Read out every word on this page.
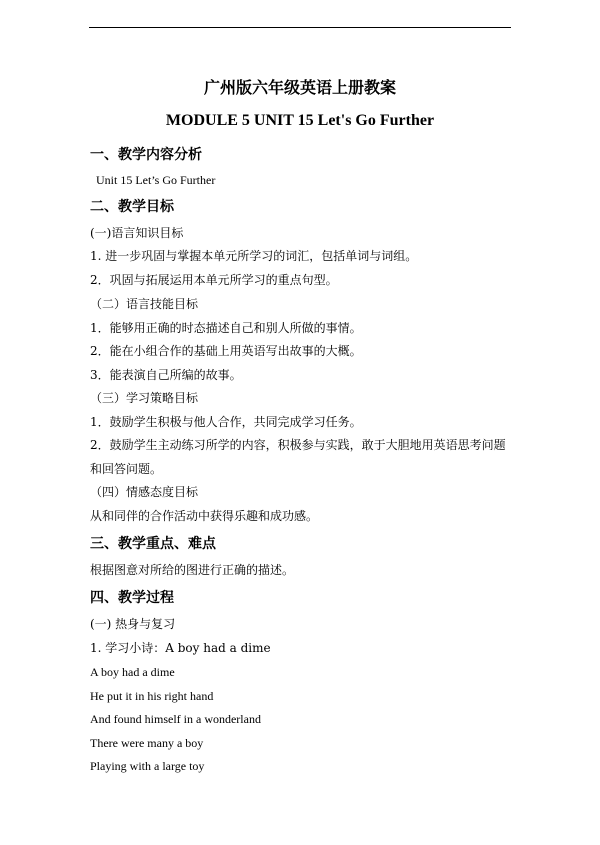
广州版六年级英语上册教案
MODULE 5 UNIT 15 Let's Go Further
一、教学内容分析
Unit 15 Let’s Go Further
二、教学目标
(一)语言知识目标
1. 进一步巩固与掌握本单元所学习的词汇，包括单词与词组。
2．巩固与拓展运用本单元所学习的重点句型。
（二）语言技能目标
1．能够用正确的时态描述自己和别人所做的事情。
2．能在小组合作的基础上用英语写出故事的大概。
3．能表演自己所编的故事。
（三）学习策略目标
1．鼓励学生积极与他人合作，共同完成学习任务。
2．鼓励学生主动练习所学的内容，积极参与实践，敢于大胆地用英语思考问题
和回答问题。
（四）情感态度目标
从和同伴的合作活动中获得乐趣和成功感。
三、教学重点、难点
根据图意对所给的图进行正确的描述。
四、教学过程
(一) 热身与复习
1. 学习小诗：A boy had a dime
A boy had a dime
He put it in his right hand
And found himself in a wonderland
There were many a boy
Playing with a large toy
